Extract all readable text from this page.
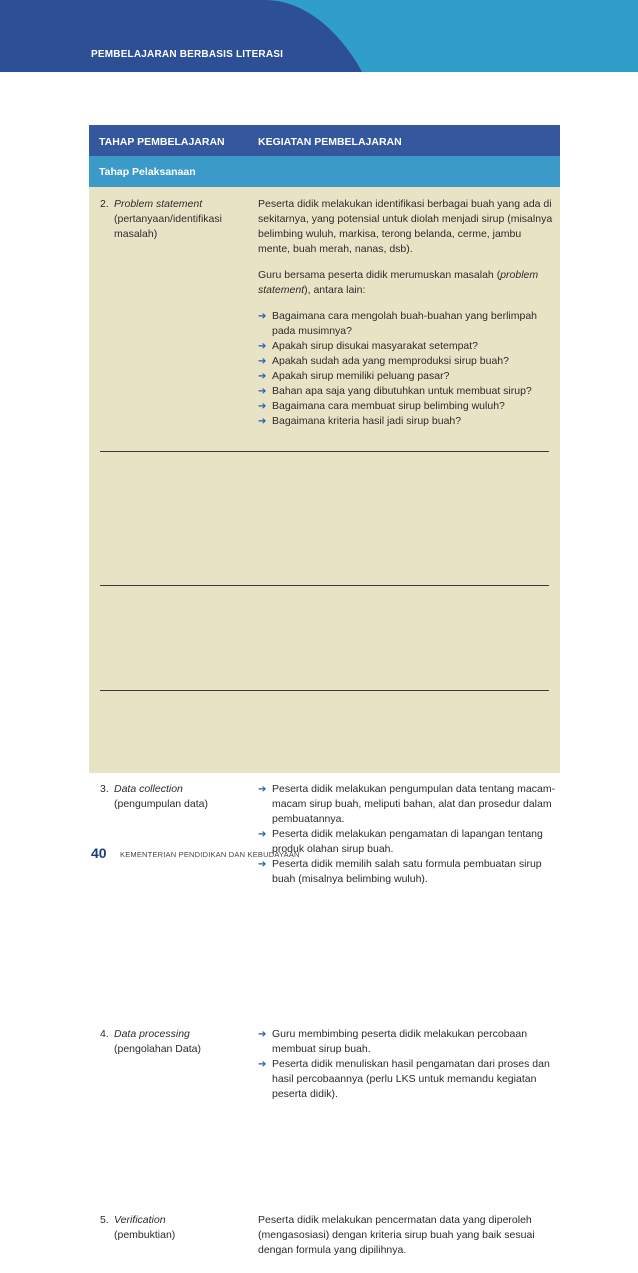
PEMBELAJARAN BERBASIS LITERASI
TAHAP PEMBELAJARAN	KEGIATAN PEMBELAJARAN
Tahap Pelaksanaan
2. Problem statement
(pertanyaan/identifikasi
masalah)

Peserta didik melakukan identifikasi berbagai buah yang ada di sekitarnya, yang potensial untuk diolah menjadi sirup (misalnya belimbing wuluh, markisa, terong belanda, cerme, jambu mente, buah merah, nanas, dsb).

Guru bersama peserta didik merumuskan masalah (problem statement), antara lain:

➔ Bagaimana cara mengolah buah-buahan yang berlimpah pada musimnya?
➔ Apakah sirup disukai masyarakat setempat?
➔ Apakah sudah ada yang memproduksi sirup buah?
➔ Apakah sirup memiliki peluang pasar?
➔ Bahan apa saja yang dibutuhkan untuk membuat sirup?
➔ Bagaimana cara membuat sirup belimbing wuluh?
➔ Bagaimana kriteria hasil jadi sirup buah?
3. Data collection
(pengumpulan data)
➔ Peserta didik melakukan pengumpulan data tentang macam-macam sirup buah, meliputi bahan, alat dan prosedur dalam pembuatannya.
➔ Peserta didik melakukan pengamatan di lapangan tentang produk olahan sirup buah.
➔ Peserta didik memilih salah satu formula pembuatan sirup buah (misalnya belimbing wuluh).
4. Data processing
(pengolahan Data)
➔ Guru membimbing peserta didik melakukan percobaan membuat sirup buah.
➔ Peserta didik menuliskan hasil pengamatan dari proses dan hasil percobaannya (perlu LKS untuk memandu kegiatan peserta didik).
5. Verification
(pembuktian)

Peserta didik melakukan pencermatan data yang diperoleh (mengasosiasi) dengan kriteria sirup buah yang baik sesuai dengan formula yang dipilihnya.

40 KEMENTERIAN PENDIDIKAN DAN KEBUDAYAAN
